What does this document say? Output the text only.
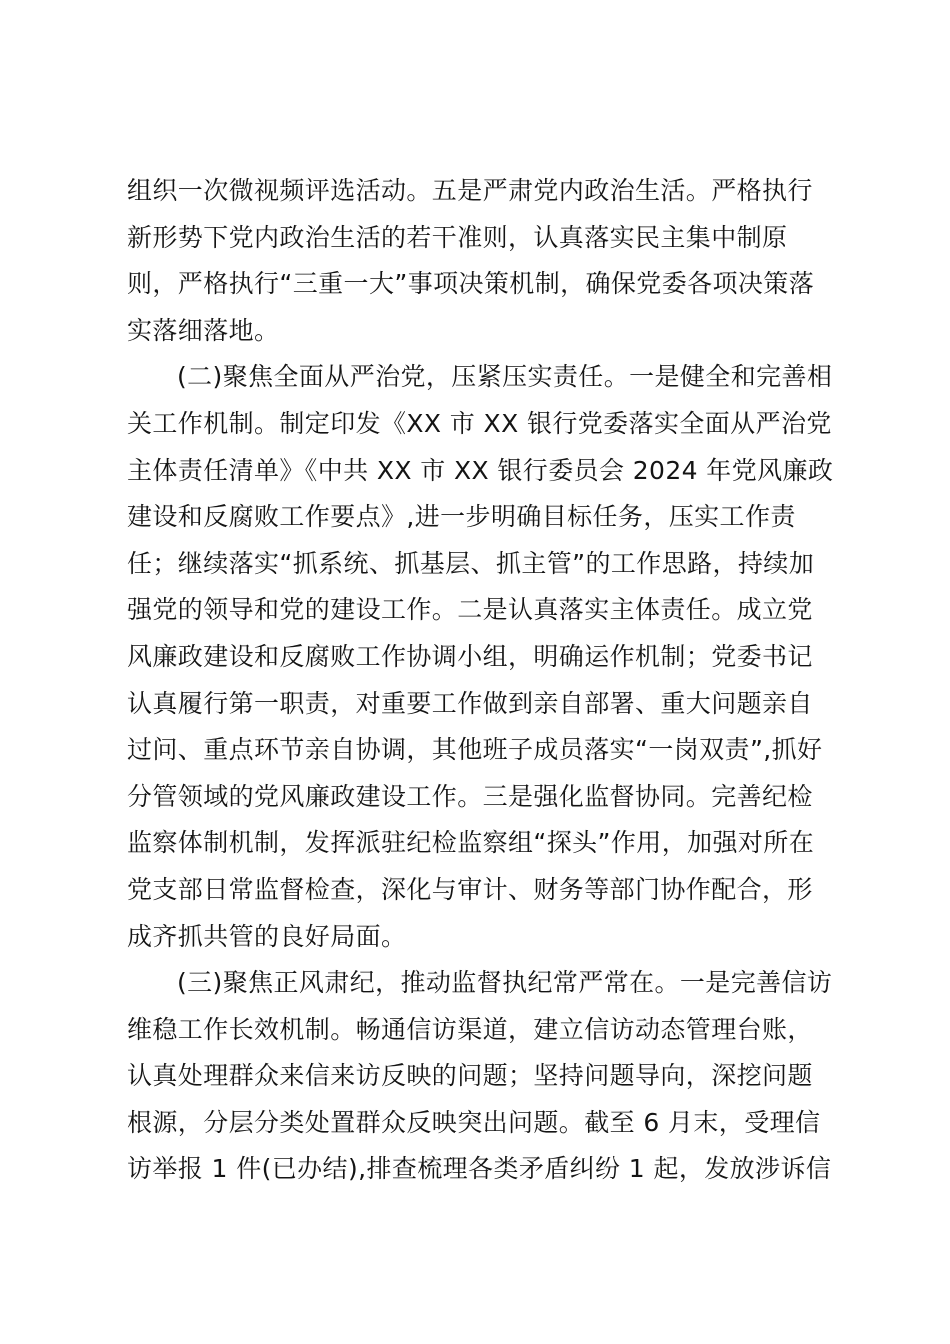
组织一次微视频评选活动。五是严肃党内政治生活。严格执行
新形势下党内政治生活的若干准则，认真落实民主集中制原
则，严格执行“三重一大”事项决策机制，确保党委各项决策落
实落细落地。
(二)聚焦全面从严治党，压紧压实责任。一是健全和完善相
关工作机制。制定印发《XX 市 XX 银行党委落实全面从严治党
主体责任清单》《中共 XX 市 XX 银行委员会 2024 年党风廉政
建设和反腐败工作要点》,进一步明确目标任务，压实工作责
任；继续落实“抓系统、抓基层、抓主管”的工作思路，持续加
强党的领导和党的建设工作。二是认真落实主体责任。成立党
风廉政建设和反腐败工作协调小组，明确运作机制；党委书记
认真履行第一职责，对重要工作做到亲自部署、重大问题亲自
过问、重点环节亲自协调，其他班子成员落实“一岗双责”,抓好
分管领域的党风廉政建设工作。三是强化监督协同。完善纪检
监察体制机制，发挥派驻纪检监察组“探头”作用，加强对所在
党支部日常监督检查，深化与审计、财务等部门协作配合，形
成齐抓共管的良好局面。
(三)聚焦正风肃纪，推动监督执纪常严常在。一是完善信访
维稳工作长效机制。畅通信访渠道，建立信访动态管理台账，
认真处理群众来信来访反映的问题；坚持问题导向，深挖问题
根源，分层分类处置群众反映突出问题。截至 6 月末，受理信
访举报 1 件(已办结),排查梳理各类矛盾纠纷 1 起，发放涉诉信
